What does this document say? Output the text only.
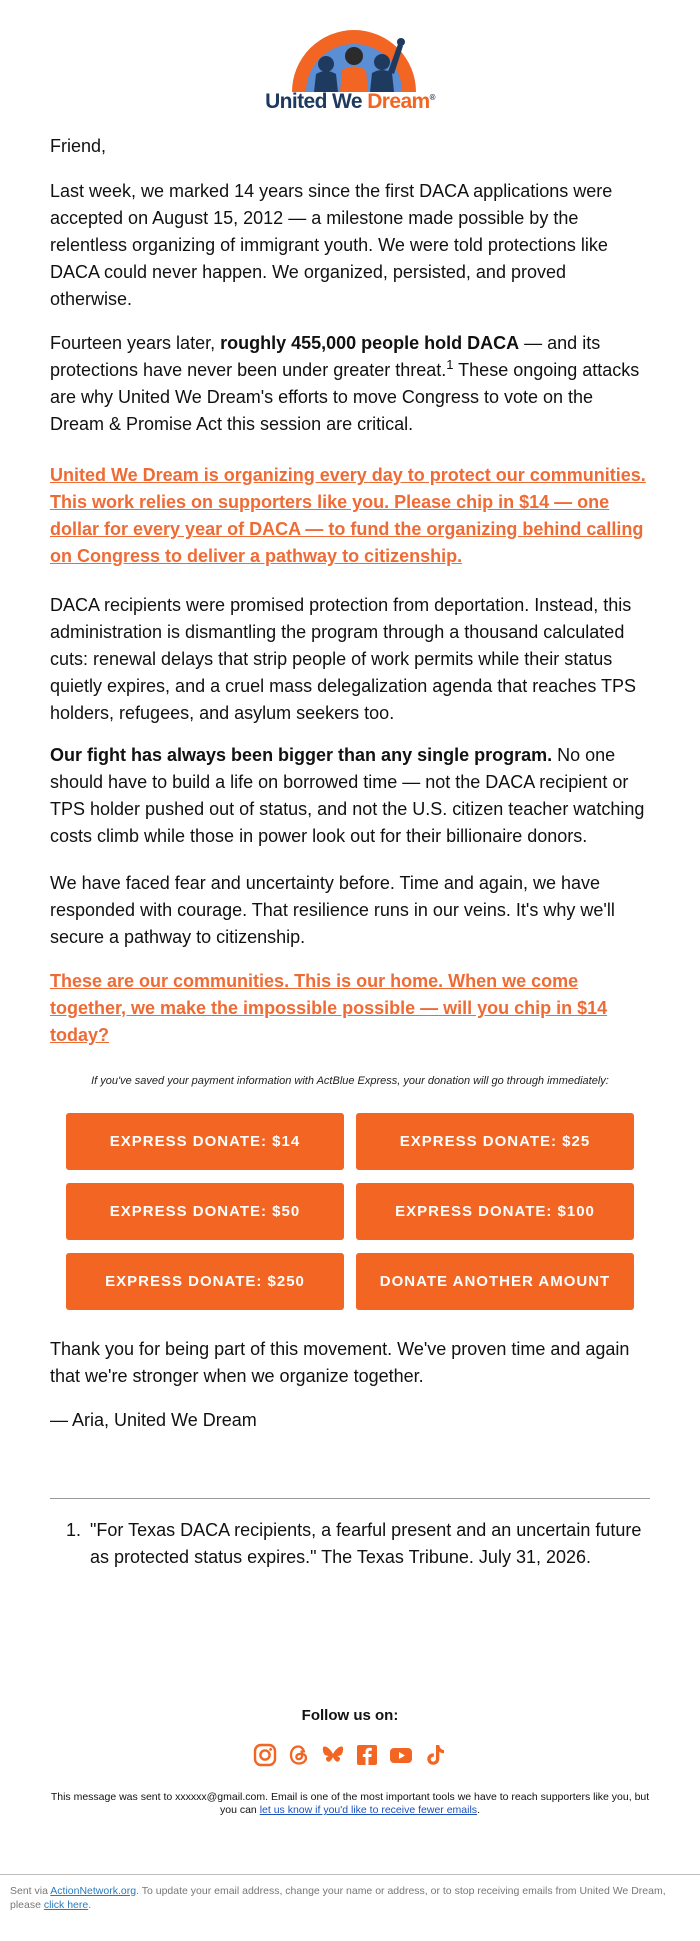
United We Dream®
Friend,
Last week, we marked 14 years since the first DACA applications were accepted on August 15, 2012 — a milestone made possible by the relentless organizing of immigrant youth. We were told protections like DACA could never happen. We organized, persisted, and proved otherwise.
Fourteen years later, roughly 455,000 people hold DACA — and its protections have never been under greater threat.$^1$ These ongoing attacks are why United We Dream's efforts to move Congress to vote on the Dream & Promise Act this session are critical.
United We Dream is organizing every day to protect our communities. This work relies on supporters like you. Please chip in $14 — one dollar for every year of DACA — to fund the organizing behind calling on Congress to deliver a pathway to citizenship.
DACA recipients were promised protection from deportation. Instead, this administration is dismantling the program through a thousand calculated cuts: renewal delays that strip people of work permits while their status quietly expires, and a cruel mass delegalization agenda that reaches TPS holders, refugees, and asylum seekers too.
Our fight has always been bigger than any single program. No one should have to build a life on borrowed time — not the DACA recipient or TPS holder pushed out of status, and not the U.S. citizen teacher watching costs climb while those in power look out for their billionaire donors.
We have faced fear and uncertainty before. Time and again, we have responded with courage. That resilience runs in our veins. It's why we'll secure a pathway to citizenship.
These are our communities. This is our home. When we come together, we make the impossible possible — will you chip in $14 today?
If you've saved your payment information with ActBlue Express, your donation will go through immediately:
EXPRESS DONATE: $14	EXPRESS DONATE: $25
EXPRESS DONATE: $50	EXPRESS DONATE: $100
EXPRESS DONATE: $250	DONATE ANOTHER AMOUNT
Thank you for being part of this movement. We've proven time and again that we're stronger when we organize together.
— Aria, United We Dream
1. "For Texas DACA recipients, a fearful present and an uncertain future as protected status expires." The Texas Tribune. July 31, 2026.
Follow us on:
This message was sent to xxxxxx@gmail.com. Email is one of the most important tools we have to reach supporters like you, but you can let us know if you'd like to receive fewer emails.
Sent via ActionNetwork.org. To update your email address, change your name or address, or to stop receiving emails from United We Dream, please click here.
